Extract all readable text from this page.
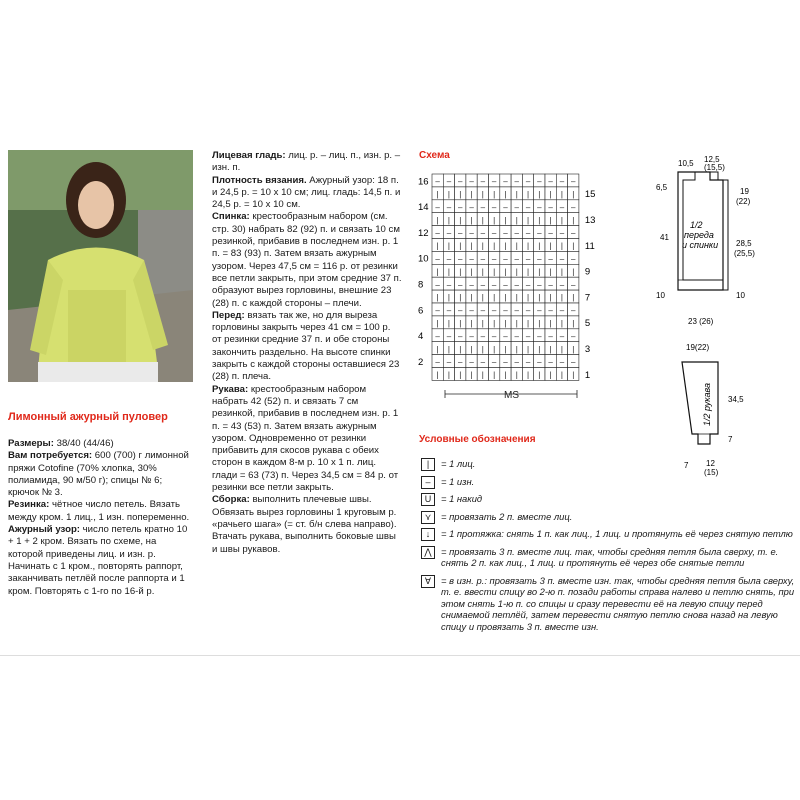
Лимонный ажурный пуловер

Размеры: 38/40 (44/46)

Вам потребуется: 600 (700) г лимонной пряжи Cotofine (70% хлопка, 30% полиамида, 90 м/50 г); спицы № 6; крючок № 3.

Резинка: чётное число петель. Вязать между кром. 1 лиц., 1 изн. попеременно.

Ажурный узор: число петель кратно 10 + 1 + 2 кром. Вязать по схеме, на которой приведены лиц. и изн. р. Начинать с 1 кром., повторять раппорт, заканчивать петлёй после раппорта и 1 кром. Повторять с 1-го по 16-й р.

Лицевая гладь: лиц. р. – лиц. п., изн. р. – изн. п.

Плотность вязания. Ажурный узор: 18 п. и 24,5 р. = 10 х 10 см; лиц. гладь: 14,5 п. и 24,5 р. = 10 х 10 см.

Спинка: крестообразным набором (см. стр. 30) набрать 82 (92) п. и связать 10 см резинкой, прибавив в последнем изн. р. 1 п. = 83 (93) п. Затем вязать ажурным узором. Через 47,5 см = 116 р. от резинки все петли закрыть, при этом средние 37 п. образуют вырез горловины, внешние 23 (28) п. с каждой стороны – плечи.

Перед: вязать так же, но для выреза горловины закрыть через 41 см = 100 р. от резинки средние 37 п. и обе стороны закончить раздельно. На высоте спинки закрыть с каждой стороны оставшиеся 23 (28) п. плеча.

Рукава: крестообразным набором набрать 42 (52) п. и связать 7 см резинкой, прибавив в последнем изн. р. 1 п. = 43 (53) п. Затем вязать ажурным узором. Одновременно от резинки прибавить для скосов рукава с обеих сторон в каждом 8-м р. 10 х 1 п. лиц. глади = 63 (73) п. Через 34,5 см = 84 р. от резинки все петли закрыть.

Сборка: выполнить плечевые швы. Обвязать вырез горловины 1 круговым р. «рачьего шага» (= ст. б/н слева направо). Втачать рукава, выполнить боковые швы и швы рукавов.

Схема
– – – – – – – – – – – – –
| | | | | | | | | | | | |
– – – – – – – – – – – – –
| | | | | | | | | | | | |
– – – – – – – – – – – – –
| | | | | | | | | | | | |
– – – – – – – – – – – – –
| | | | | | | | | | | | |
– – – – – – – – – – – – –
| | | | | | | | | | | | |
– – – – – – – – – – – – –
| | | | | | | | | | | | |
– – – – – – – – – – – – –
| | | | | | | | | | | | |
– – – – – – – – – – – – –
| | | | | | | | | | | | |
16
14
12
10
8
6
4
2
15
13
11
9
7
5
3
1
MS
1/2
переда
и спинки
10,5 12,5
(15,5)
6,5	19
(22)
41
28,5
(25,5)
10	10
23 (26)
19(22)
34,5
7
7 12
(15)
1/2 рукава
Условные обозначения
|	= 1 лиц.
–	= 1 изн.
U	= 1 накид
⋎	= провязать 2 п. вместе лиц.
↓	= 1 протяжка: снять 1 п. как лиц., 1 лиц. и протянуть её через снятую петлю
⋀ = провязать 3 п. вместе лиц. так, чтобы средняя петля была сверху, т. е. снять 2 п. как лиц., 1 лиц. и протянуть её через обе снятые петли
∀	= в изн. р.: провязать 3 п. вместе изн. так, чтобы средняя петля была сверху, т. е. ввести спицу во 2-ю п. позади работы справа налево и петлю снять, при этом снять 1-ю п. со спицы и сразу перевести её на левую спицу перед снимаемой петлёй, затем перевести снятую петлю снова назад на левую спицу и провязать 3 п. вместе изн.
